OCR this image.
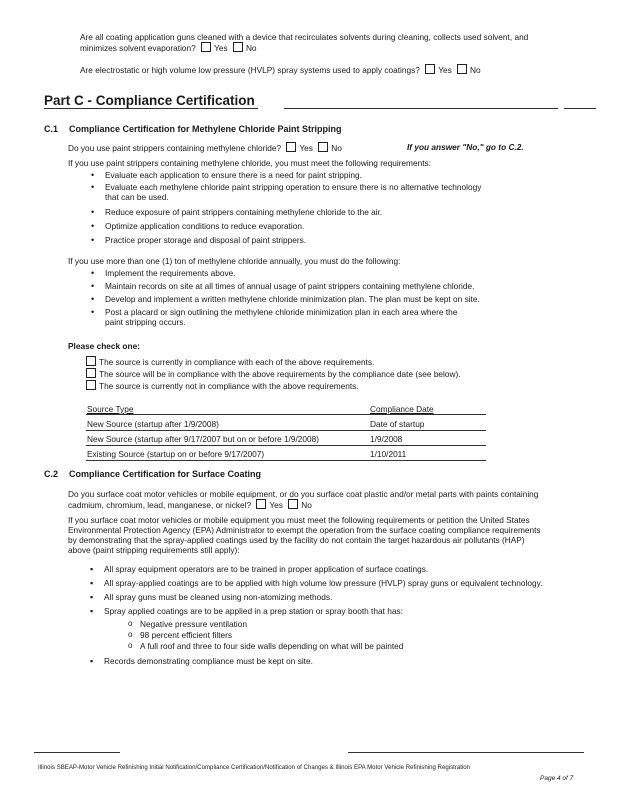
Are all coating application guns cleaned with a device that recirculates solvents during cleaning, collects used solvent, and
minimizes solvent evaporation? Yes No
Are electrostatic or high volume low pressure (HVLP) spray systems used to apply coatings? Yes No
Part C - Compliance Certification
C.1 Compliance Certification for Methylene Chloride Paint Stripping
Do you use paint strippers containing methylene chloride? Yes No	If you answer "No," go to C.2.
If you use paint strippers containing methylene chloride, you must meet the following requirements:
• Evaluate each application to ensure there is a need for paint stripping.
• Evaluate each methylene chloride paint stripping operation to ensure there is no alternative technology
that can be used.
• Reduce exposure of paint strippers containing methylene chloride to the air.
• Optimize application conditions to reduce evaporation.
• Practice proper storage and disposal of paint strippers.
If you use more than one (1) ton of methylene chloride annually, you must do the following:
• Implement the requirements above.
• Maintain records on site at all times of annual usage of paint strippers containing methylene chloride.
• Develop and implement a written methylene chloride minimization plan. The plan must be kept on site.
• Post a placard or sign outlining the methylene chloride minimization plan in each area where the
paint stripping occurs.
Please check one:
The source is currently in compliance with each of the above requirements.
The source will be in compliance with the above requirements by the compliance date (see below).
The source is currently not in compliance with the above requirements.
Source Type	Compliance Date
New Source (startup after 1/9/2008)	Date of startup
New Source (startup after 9/17/2007 but on or before 1/9/2008)	1/9/2008
Existing Source (startup on or before 9/17/2007)	1/10/2011
C.2 Compliance Certification for Surface Coating
Do you surface coat motor vehicles or mobile equipment, or do you surface coat plastic and/or metal parts with paints containing
cadmium, chromium, lead, manganese, or nickel? Yes No
If you surface coat motor vehicles or mobile equipment you must meet the following requirements or petition the United States
Environmental Protection Agency (EPA) Administrator to exempt the operation from the surface coating compliance requirements
by demonstrating that the spray-applied coatings used by the facility do not contain the target hazardous air pollutants (HAP)
above (paint stripping requirements still apply):
▪ All spray equipment operators are to be trained in proper application of surface coatings.
▪ All spray-applied coatings are to be applied with high volume low pressure (HVLP) spray guns or equivalent technology.
▪ All spray guns must be cleaned using non-atomizing methods.
▪ Spray applied coatings are to be applied in a prep station or spray booth that has:
o Negative pressure ventilation
o 98 percent efficient filters
o A full roof and three to four side walls depending on what will be painted
▪ Records demonstrating compliance must be kept on site.
Illinois SBEAP-Motor Vehicle Refinishing Initial Notification/Compliance Certification/Notification of Changes & Illinois EPA Motor Vehicle Refinishing Registration
Page 4 of 7
